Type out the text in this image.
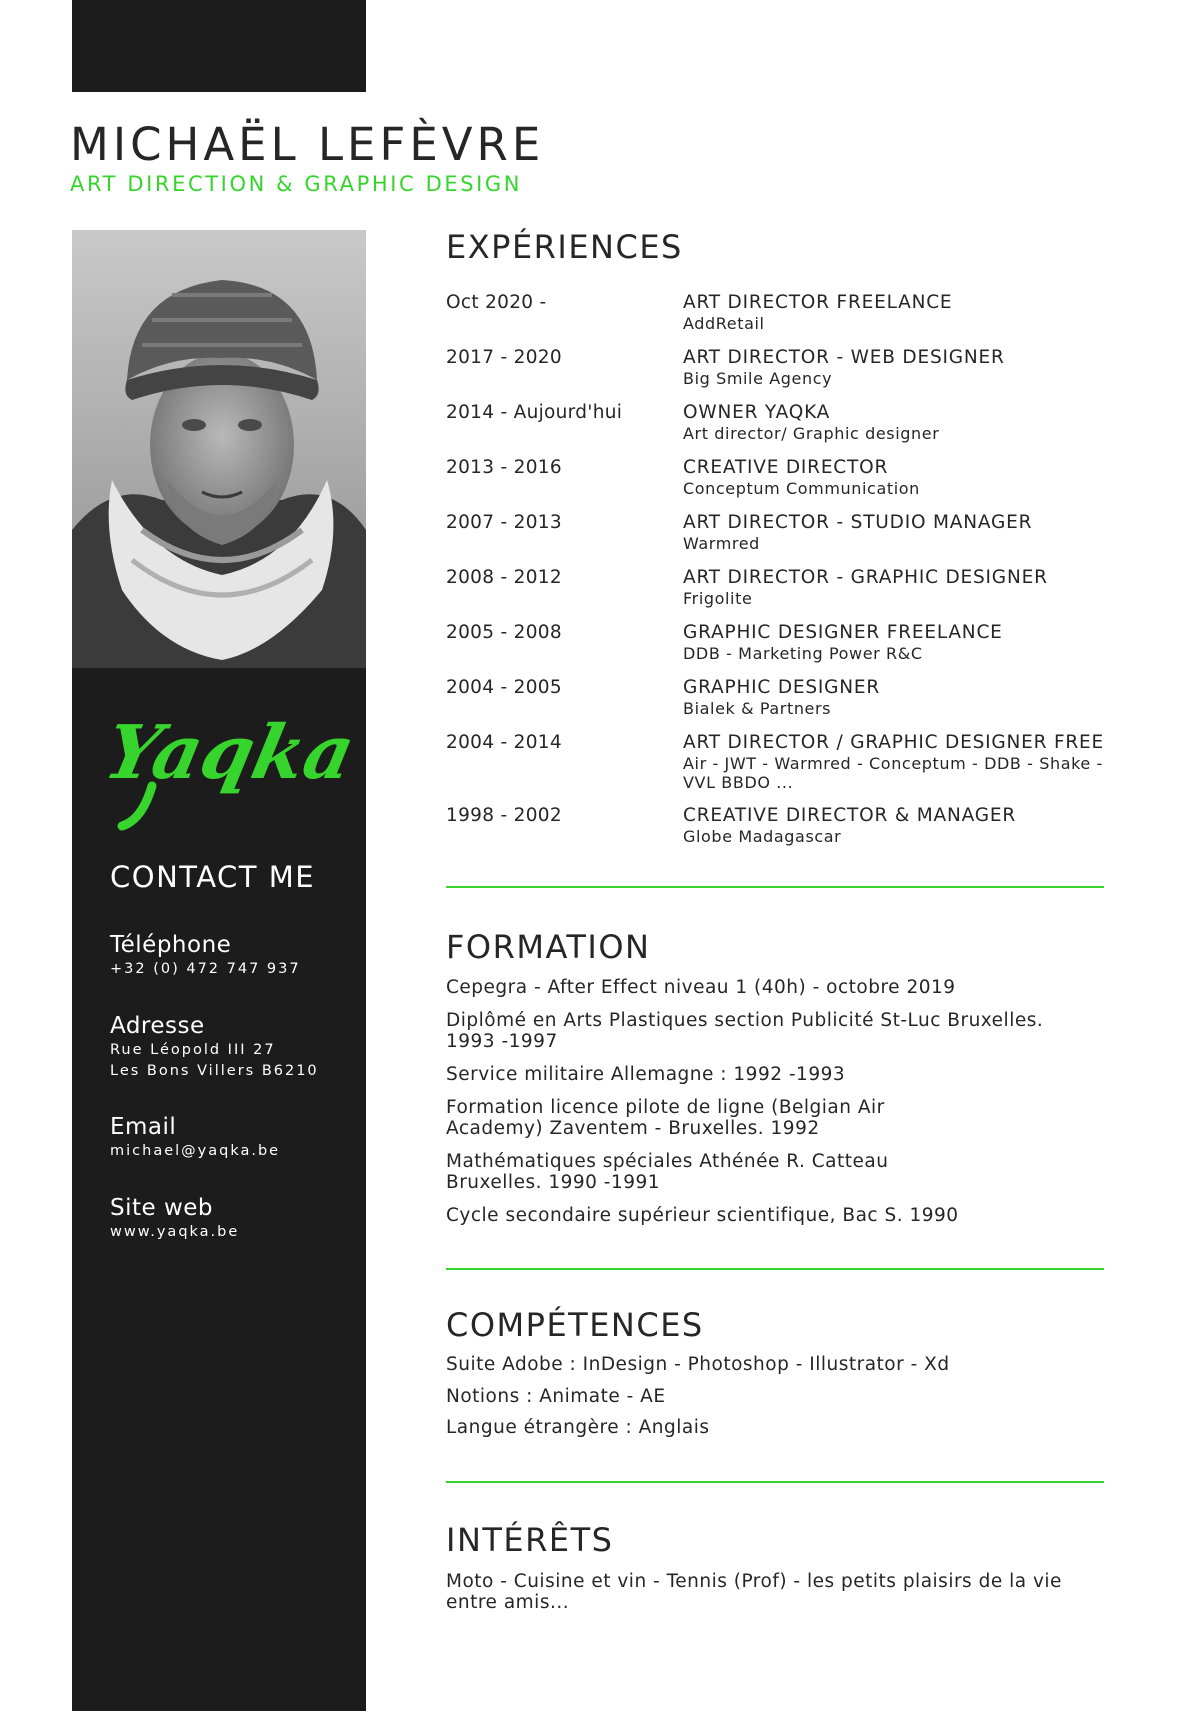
MICHAËL LEFÈVRE
ART DIRECTION & GRAPHIC DESIGN
Yaqka
CONTACT ME
Téléphone
+32 (0) 472 747 937
Adresse
Rue Léopold III 27
Les Bons Villers B6210
Email
michael@yaqka.be
Site web
www.yaqka.be
EXPÉRIENCES
Oct 2020 -	ART DIRECTOR FREELANCE
AddRetail
2017 - 2020	ART DIRECTOR - WEB DESIGNER
Big Smile Agency
2014 - Aujourd'hui	OWNER YAQKA
Art director/ Graphic designer
2013 - 2016	CREATIVE DIRECTOR
Conceptum Communication
2007 - 2013	ART DIRECTOR - STUDIO MANAGER
Warmred
2008 - 2012	ART DIRECTOR - GRAPHIC DESIGNER
Frigolite
2005 - 2008	GRAPHIC DESIGNER FREELANCE
DDB - Marketing Power R&C
2004 - 2005	GRAPHIC DESIGNER
Bialek & Partners
2004 - 2014	ART DIRECTOR / GRAPHIC DESIGNER FREE
Air - JWT - Warmred - Conceptum - DDB - Shake - VVL BBDO ...
1998 - 2002	CREATIVE DIRECTOR & MANAGER
Globe Madagascar
FORMATION
Cepegra - After Effect niveau 1 (40h) - octobre 2019
Diplômé en Arts Plastiques section Publicité St-Luc Bruxelles. 1993 -1997
Service militaire Allemagne : 1992 -1993
Formation licence pilote de ligne (Belgian Air Academy) Zaventem - Bruxelles. 1992
Mathématiques spéciales Athénée R. Catteau Bruxelles. 1990 -1991
Cycle secondaire supérieur scientifique, Bac S. 1990
COMPÉTENCES
Suite Adobe : InDesign - Photoshop - Illustrator - Xd
Notions : Animate - AE
Langue étrangère : Anglais
INTÉRÊTS
Moto - Cuisine et vin - Tennis (Prof) - les petits plaisirs de la vie entre amis...
